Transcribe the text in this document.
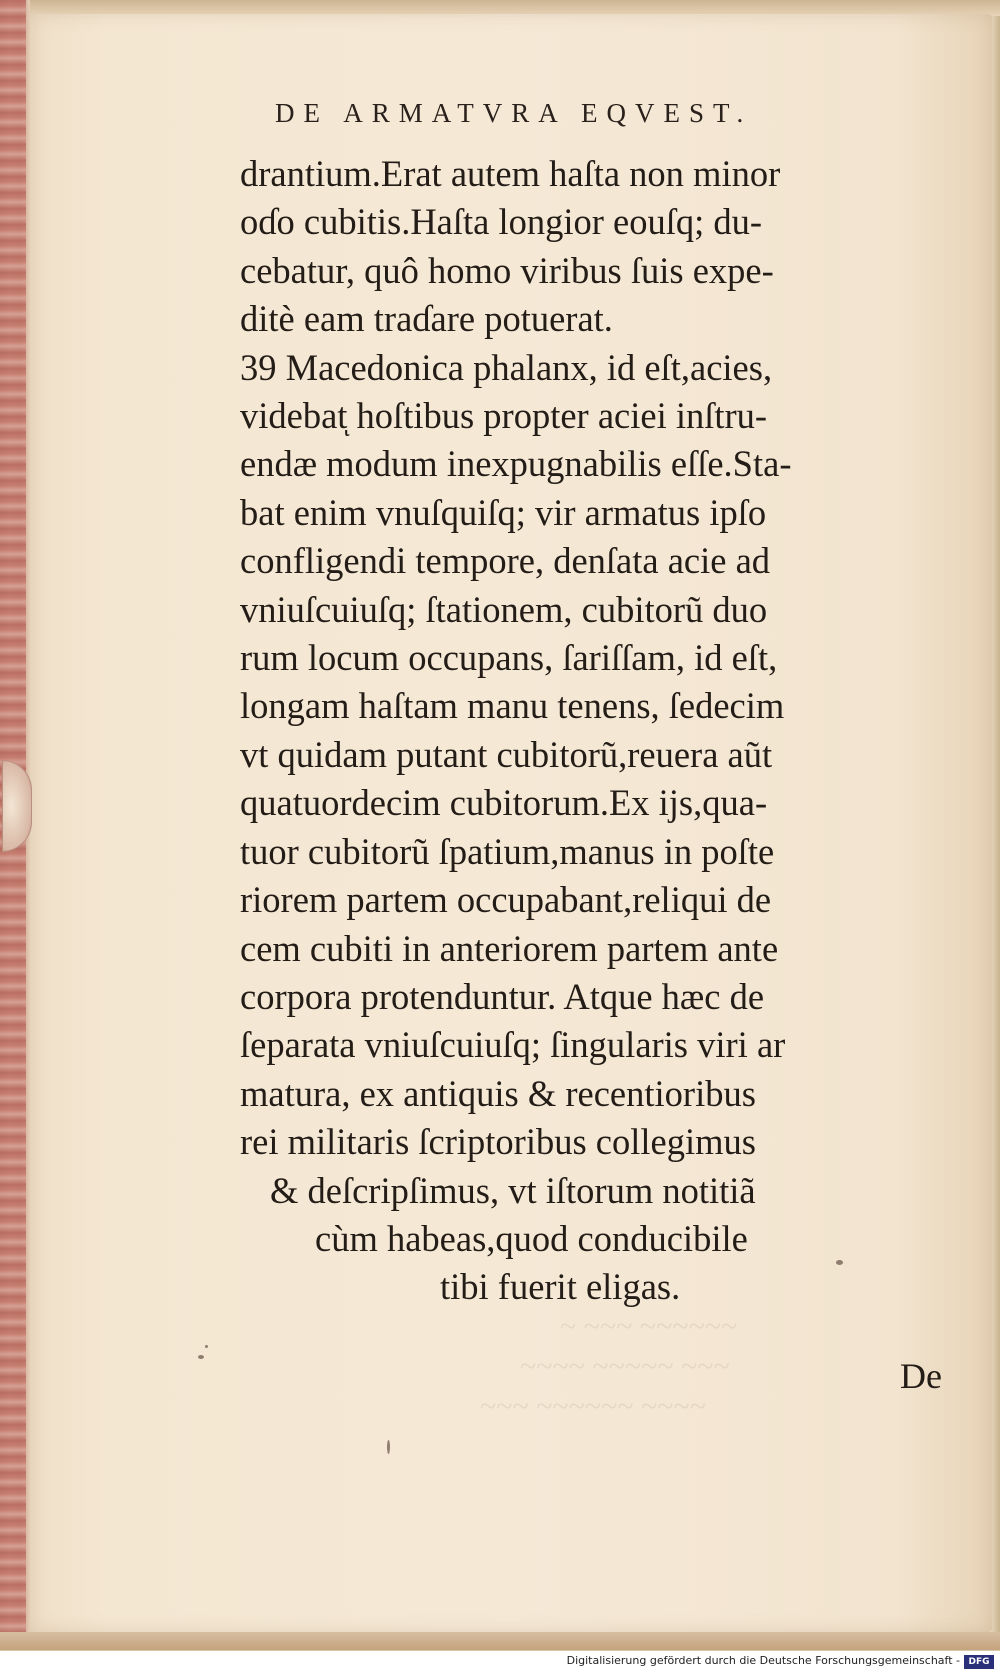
~ ~~~ ~~~~~~
~~~~ ~~~~~ ~~~
~~~ ~~~~~~ ~~~~
DE ARMATVRA EQVEST.
drantium.Erat autem haſta non minor
oɗo cubitis.Haſta longior eouſq; du-
cebatur, quô homo viribus ſuis expe-
ditè eam traɗare potuerat.
39 Macedonica phalanx, id eſt,acies,
videbatͅ hoſtibus propter aciei inſtru-
endæ modum inexpugnabilis eſſe.Sta-
bat enim vnuſquiſq; vir armatus ipſo
confligendi tempore, denſata acie ad
vniuſcuiuſq; ſtationem, cubitorũ duo
rum locum occupans, ſariſſam, id eſt,
longam haſtam manu tenens, ſedecim
vt quidam putant cubitorũ,reuera aũt
quatuordecim cubitorum.Ex ijs,qua-
tuor cubitorũ ſpatium,manus in poſte
riorem partem occupabant,reliqui de
cem cubiti in anteriorem partem ante
corpora protenduntur. Atque hæc de
ſeparata vniuſcuiuſq; ſingularis viri ar
matura, ex antiquis & recentioribus
rei militaris ſcriptoribus collegimus
& deſcripſimus, vt iſtorum notitiã
cùm habeas,quod conducibile
tibi fuerit eligas.
De
Digitalisierung gefördert durch die Deutsche Forschungsgemeinschaft - DFG
